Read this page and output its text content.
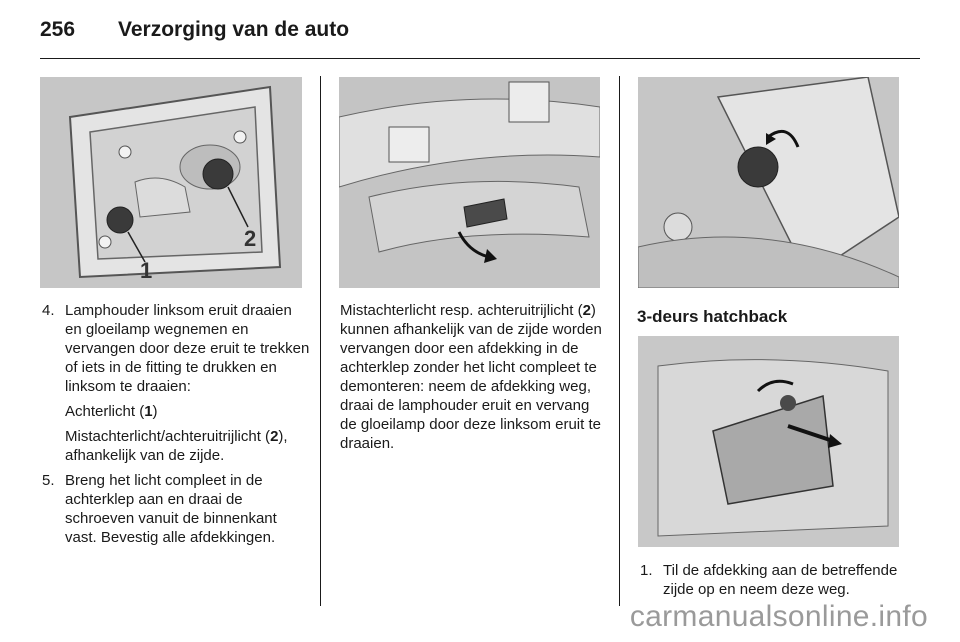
256	Verzorging van de auto
1
2
4. Lamphouder linksom eruit draaien en gloeilamp wegnemen en vervangen door deze eruit te trekken of iets in de fitting te drukken en linksom te draaien:
Achterlicht (1)
Mistachterlicht/achteruitrijlicht (2), afhankelijk van de zijde.
5. Breng het licht compleet in de achterklep aan en draai de schroeven vanuit de binnenkant vast. Bevestig alle afdekkingen.

Mistachterlicht resp. achteruitrijlicht (2) kunnen afhankelijk van de zijde worden vervangen door een afdekking in de achterklep zonder het licht compleet te demonteren: neem de afdekking weg, draai de lamphouder eruit en vervang de gloeilamp door deze linksom eruit te draaien.

3-deurs hatchback
1. Til de afdekking aan de betreffende zijde op en neem deze weg.
carmanualsonline.info
